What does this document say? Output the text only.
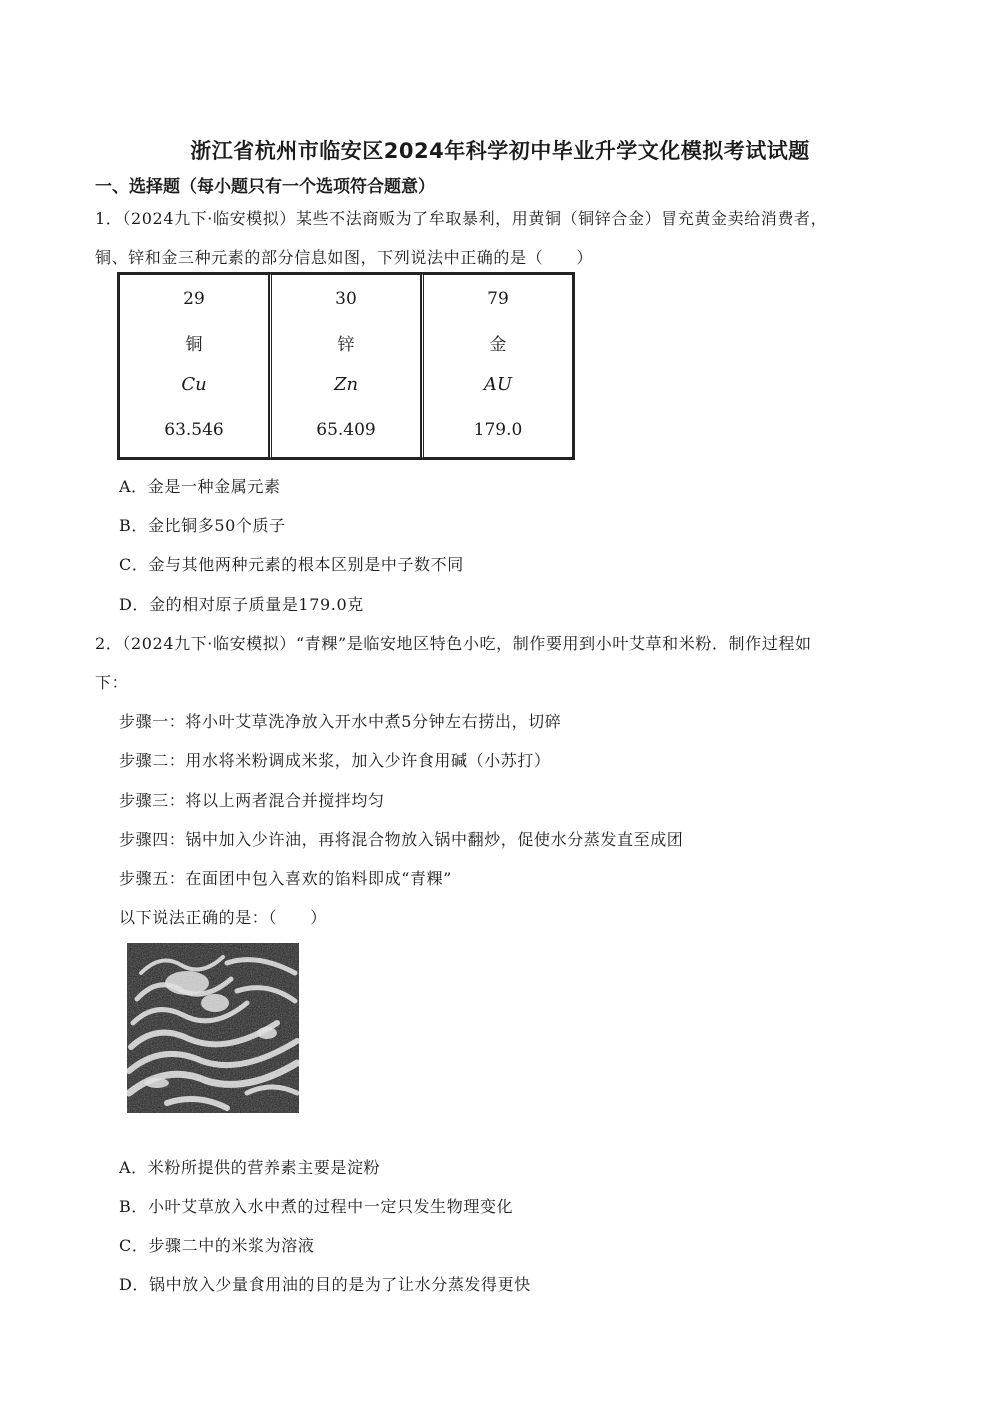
浙江省杭州市临安区2024年科学初中毕业升学文化模拟考试试题
一、选择题（每小题只有一个选项符合题意）
1．（2024九下·临安模拟）某些不法商贩为了牟取暴利，用黄铜（铜锌合金）冒充黄金卖给消费者，
铜、锌和金三种元素的部分信息如图，下列说法中正确的是（　　）
29
铜
Cu
63.546

30
锌
Zn
65.409

79
金
AU
179.0
A．金是一种金属元素
B．金比铜多50个质子
C．金与其他两种元素的根本区别是中子数不同
D．金的相对原子质量是179.0克
2．（2024九下·临安模拟）“青粿”是临安地区特色小吃，制作要用到小叶艾草和米粉．制作过程如
下：
步骤一：将小叶艾草洗净放入开水中煮5分钟左右捞出，切碎
步骤二：用水将米粉调成米浆，加入少许食用碱（小苏打）
步骤三：将以上两者混合并搅拌均匀
步骤四：锅中加入少许油，再将混合物放入锅中翻炒，促使水分蒸发直至成团
步骤五：在面团中包入喜欢的馅料即成“青粿”
以下说法正确的是：（　　）
A．米粉所提供的营养素主要是淀粉
B．小叶艾草放入水中煮的过程中一定只发生物理变化
C．步骤二中的米浆为溶液
D．锅中放入少量食用油的目的是为了让水分蒸发得更快
